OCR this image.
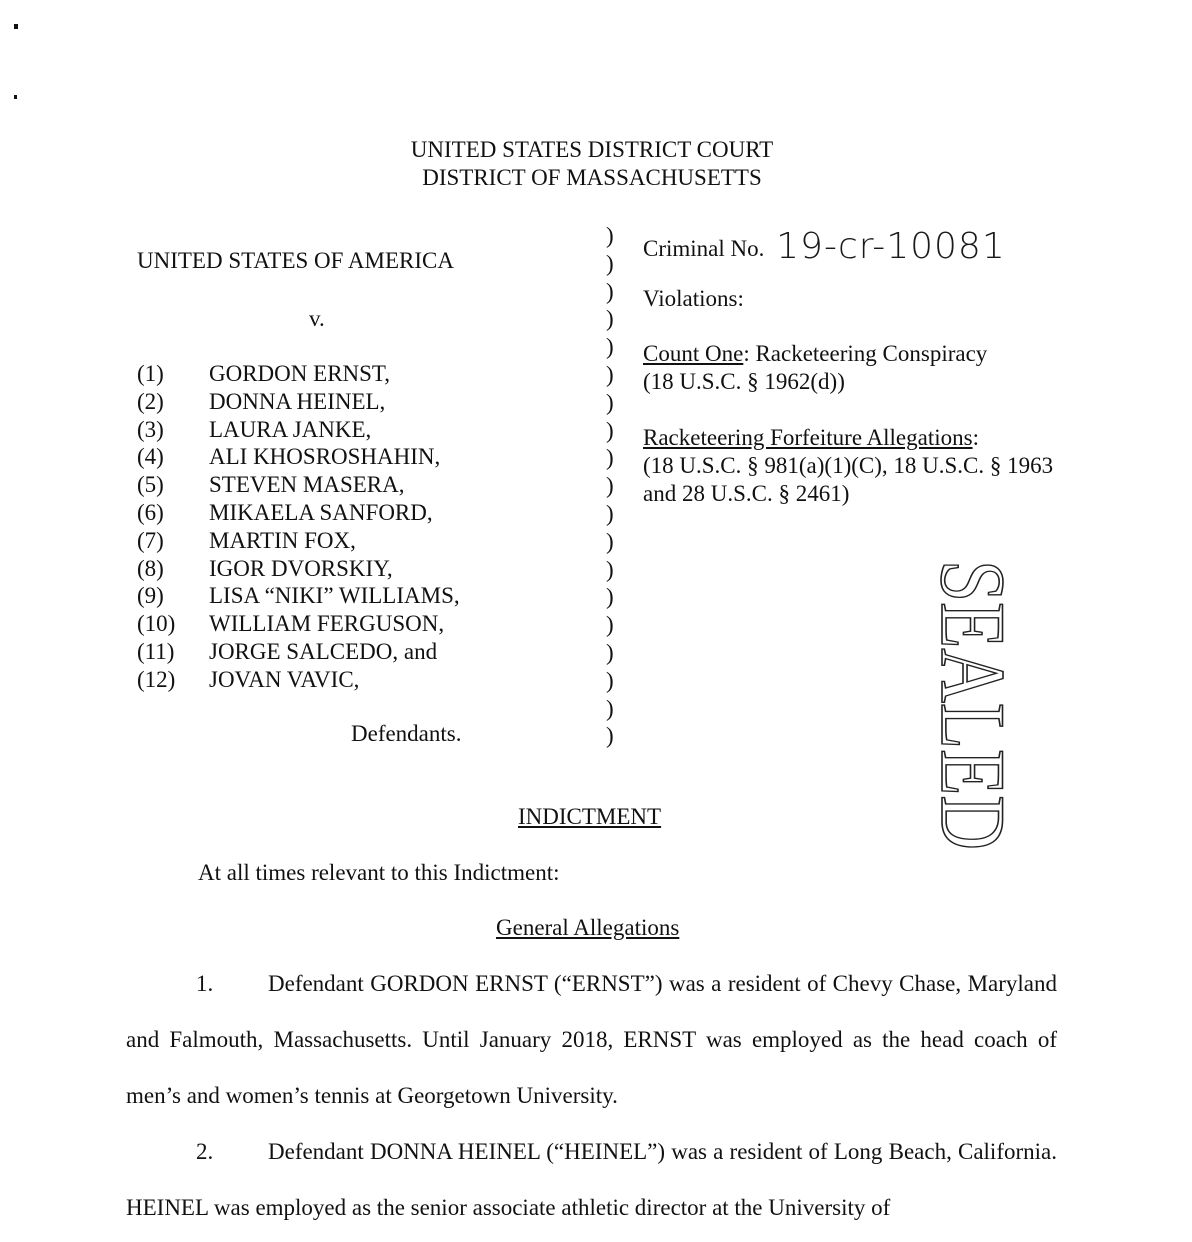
UNITED STATES DISTRICT COURT
DISTRICT OF MASSACHUSETTS
UNITED STATES OF AMERICA
v.
(1)	GORDON ERNST,
(2)	DONNA HEINEL,
(3)	LAURA JANKE,
(4)	ALI KHOSROSHAHIN,
(5)	STEVEN MASERA,
(6)	MIKAELA SANFORD,
(7)	MARTIN FOX,
(8)	IGOR DVORSKIY,
(9)	LISA “NIKI” WILLIAMS,
(10)	WILLIAM FERGUSON,
(11)	JORGE SALCEDO, and
(12)	JOVAN VAVIC,
Defendants.
)
)
)
)
)
)
)
)
)
)
)
)
)
)
)
)
)
)
)
Criminal No. 19-cr-10081
Violations:
Count One: Racketeering Conspiracy
(18 U.S.C. § 1962(d))
Racketeering Forfeiture Allegations:
(18 U.S.C. § 981(a)(1)(C), 18 U.S.C. § 1963
and 28 U.S.C. § 2461)
SEALED
INDICTMENT
At all times relevant to this Indictment:
General Allegations
1. Defendant GORDON ERNST (“ERNST”) was a resident of Chevy Chase, Maryland and Falmouth, Massachusetts. Until January 2018, ERNST was employed as the head coach of men’s and women’s tennis at Georgetown University.
2. Defendant DONNA HEINEL (“HEINEL”) was a resident of Long Beach, California. HEINEL was employed as the senior associate athletic director at the University of
